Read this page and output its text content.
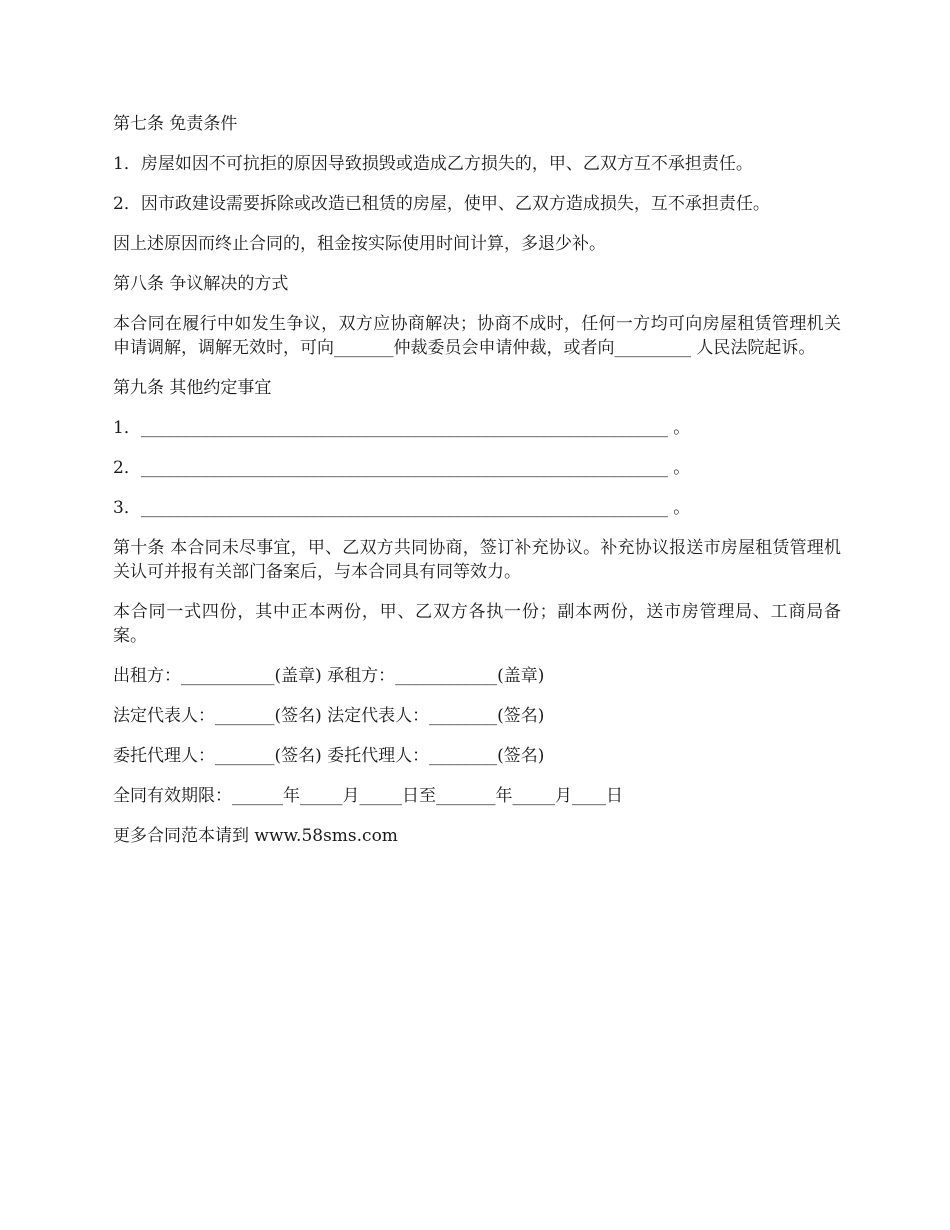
第七条 免责条件

1．房屋如因不可抗拒的原因导致损毁或造成乙方损失的，甲、乙双方互不承担责任。

2．因市政建设需要拆除或改造已租赁的房屋，使甲、乙双方造成损失，互不承担责任。

因上述原因而终止合同的，租金按实际使用时间计算，多退少补。

第八条 争议解决的方式

本合同在履行中如发生争议，双方应协商解决；协商不成时，任何一方均可向房屋租赁管理机关申请调解，调解无效时，可向_______仲裁委员会申请仲裁，或者向_________ 人民法院起诉。

第九条 其他约定事宜

1．______________________________________________________________ 。

2．______________________________________________________________ 。

3．______________________________________________________________ 。

第十条 本合同未尽事宜，甲、乙双方共同协商，签订补充协议。补充协议报送市房屋租赁管理机关认可并报有关部门备案后，与本合同具有同等效力。

本合同一式四份，其中正本两份，甲、乙双方各执一份；副本两份，送市房管理局、工商局备案。

出租方：___________(盖章) 承租方：____________(盖章)

法定代表人：_______(签名) 法定代表人：________(签名)

委托代理人：_______(签名) 委托代理人：________(签名)

全同有效期限：______年_____月_____日至_______年_____月____日

更多合同范本请到 www.58sms.com
